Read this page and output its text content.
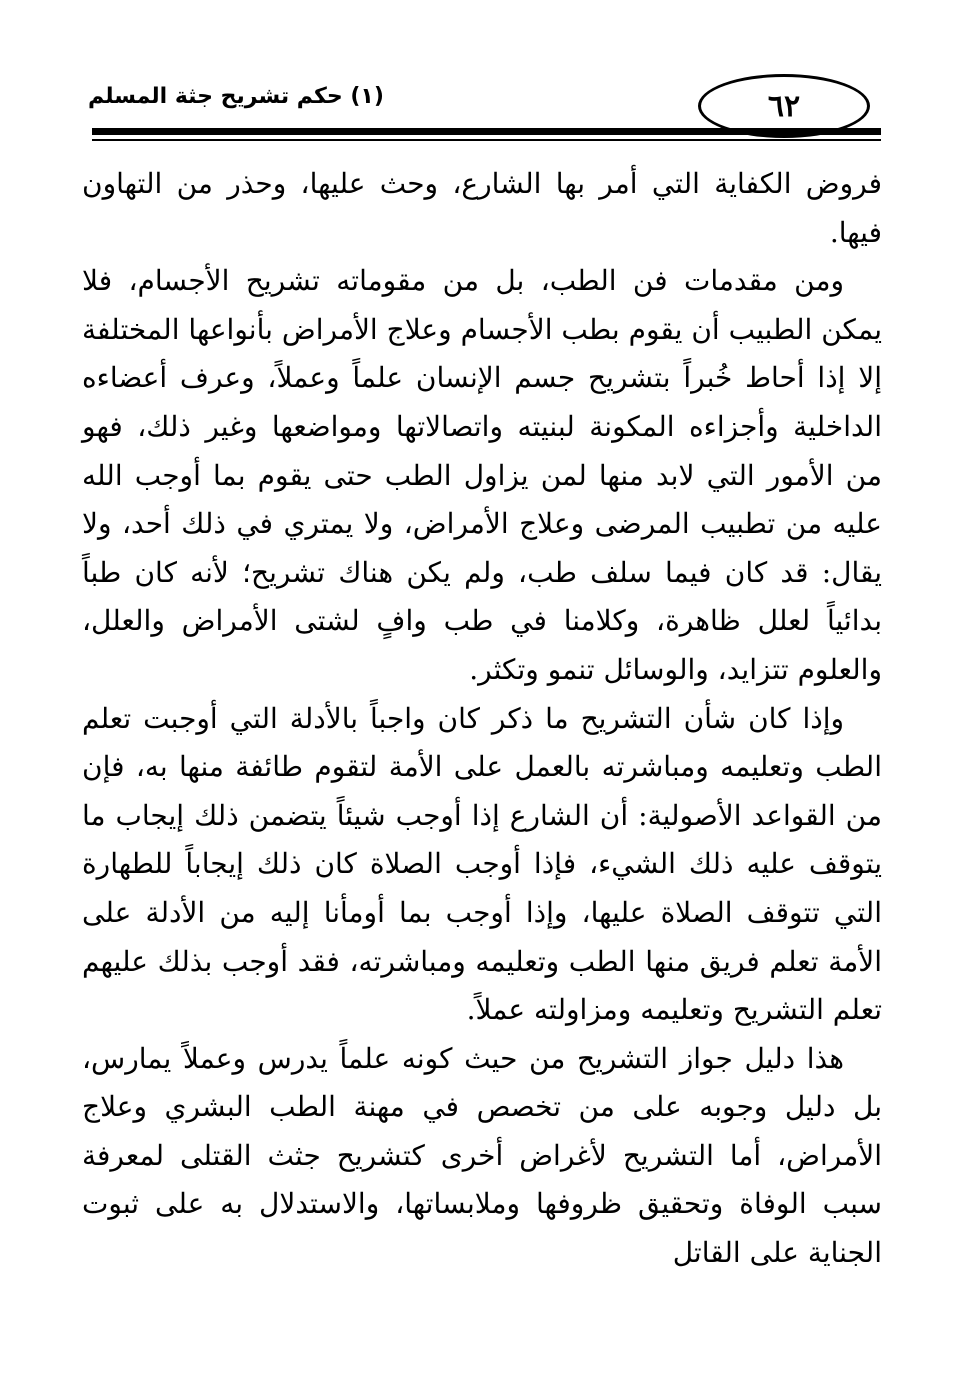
٦٢
(١) حكم تشريح جثة المسلم

فروض الكفاية التي أمر بها الشارع، وحث عليها، وحذر من التهاون فيها.

ومن مقدمات فن الطب، بل من مقوماته تشريح الأجسام، فلا يمكن الطبيب أن يقوم بطب الأجسام وعلاج الأمراض بأنواعها المختلفة إلا إذا أحاط خُبراً بتشريح جسم الإنسان علماً وعملاً، وعرف أعضاءه الداخلية وأجزاءه المكونة لبنيته واتصالاتها ومواضعها وغير ذلك، فهو من الأمور التي لابد منها لمن يزاول الطب حتى يقوم بما أوجب الله عليه من تطبيب المرضى وعلاج الأمراض، ولا يمتري في ذلك أحد، ولا يقال: قد كان فيما سلف طب، ولم يكن هناك تشريح؛ لأنه كان طباً بدائياً لعلل ظاهرة، وكلامنا في طب وافٍ لشتى الأمراض والعلل، والعلوم تتزايد، والوسائل تنمو وتكثر.

وإذا كان شأن التشريح ما ذكر كان واجباً بالأدلة التي أوجبت تعلم الطب وتعليمه ومباشرته بالعمل على الأمة لتقوم طائفة منها به، فإن من القواعد الأصولية: أن الشارع إذا أوجب شيئاً يتضمن ذلك إيجاب ما يتوقف عليه ذلك الشيء، فإذا أوجب الصلاة كان ذلك إيجاباً للطهارة التي تتوقف الصلاة عليها، وإذا أوجب بما أومأنا إليه من الأدلة على الأمة تعلم فريق منها الطب وتعليمه ومباشرته، فقد أوجب بذلك عليهم تعلم التشريح وتعليمه ومزاولته عملاً.

هذا دليل جواز التشريح من حيث كونه علماً يدرس وعملاً يمارس، بل دليل وجوبه على من تخصص في مهنة الطب البشري وعلاج الأمراض، أما التشريح لأغراض أخرى كتشريح جثث القتلى لمعرفة سبب الوفاة وتحقيق ظروفها وملابساتها، والاستدلال به على ثبوت الجناية على القاتل
